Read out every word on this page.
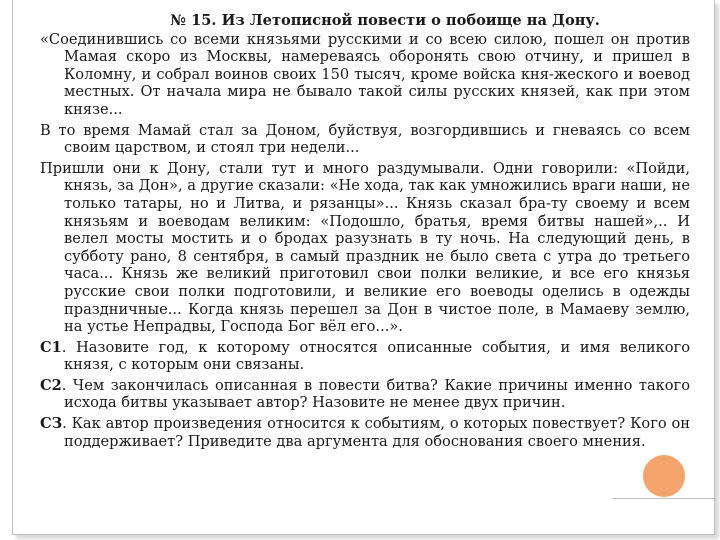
№ 15. Из Летописной повести о побоище на Дону.

«Соединившись со всеми князьями русскими и со всею силою, пошел он против Мамая скоро из Москвы, намереваясь оборонять свою отчину, и пришел в Коломну, и собрал воинов своих 150 тысяч, кроме войска кня-жеского и воевод местных. От начала мира не бывало такой силы русских князей, как при этом князе...

В то время Мамай стал за Доном, буйствуя, возгордившись и гневаясь со всем своим царством, и стоял три недели...

Пришли они к Дону, стали тут и много раздумывали. Одни говорили: «Пойди, князь, за Дон», а другие сказали: «Не хода, так как умножились враги наши, не только татары, но и Литва, и рязанцы»... Князь сказал бра-ту своему и всем князьям и воеводам великим: «Подошло, братья, время битвы нашей»,.. И велел мосты мостить и о бродах разузнать в ту ночь. На следующий день, в субботу рано, 8 сентября, в самый праздник не было света с утра до третьего часа... Князь же великий приготовил свои полки великие, и все его князья русские свои полки подготовили, и великие его воеводы оделись в одежды праздничные... Когда князь перешел за Дон в чистое поле, в Мамаеву землю, на устье Непрадвы, Господа Бог вёл его...».

С1. Назовите год, к которому относятся описанные события, и имя великого князя, с которым они связаны.

С2. Чем закончилась описанная в повести битва? Какие причины именно такого исхода битвы указывает автор? Назовите не менее двух причин.

СЗ. Как автор произведения относится к событиям, о которых повествует? Кого он поддерживает? Приведите два аргумента для обоснования своего мнения.
